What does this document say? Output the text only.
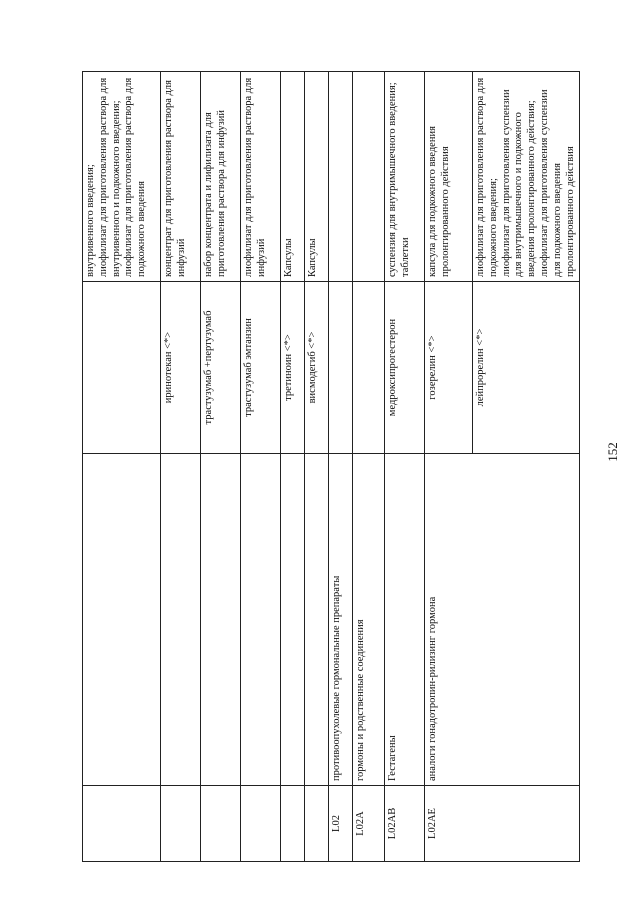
			внутривенного введения; лиофилизат для приготовления раствора для внутривенного и подкожного введения; лиофилизат для приготовления раствора для подкожного введения

		иринотекан <*>	концентрат для приготовления раствора для инфузий

		трастузумаб +пертузумаб	набор концентрата и лифилизата для приготовления раствора для инфузий

		трастузумаб эмтанзин	лиофилизат для приготовления раствора для инфузий

		третиноин <*>	Капсулы

		висмодегиб <*>	Капсулы

L02	противоопухолевые гормональные препараты		
L02A	гормоны и родственные соединения		
L02AB	Гестагены	медроксипрогестерон	суспензия для внутримышечного введения; таблетки

L02AE	аналоги гонадотропин-рилизинг гормона	гозерелин <*>	капсула для подкожного введения пролонгированного действия

		лейпрорелин <*>	лиофилизат для приготовления раствора для подкожного введения; лиофилизат для приготовления суспензии для внутримышечного и подкожного введения пролонгированного действия; лиофилизат для приготовления суспензии для подкожного введения пролонгированного действия
152
